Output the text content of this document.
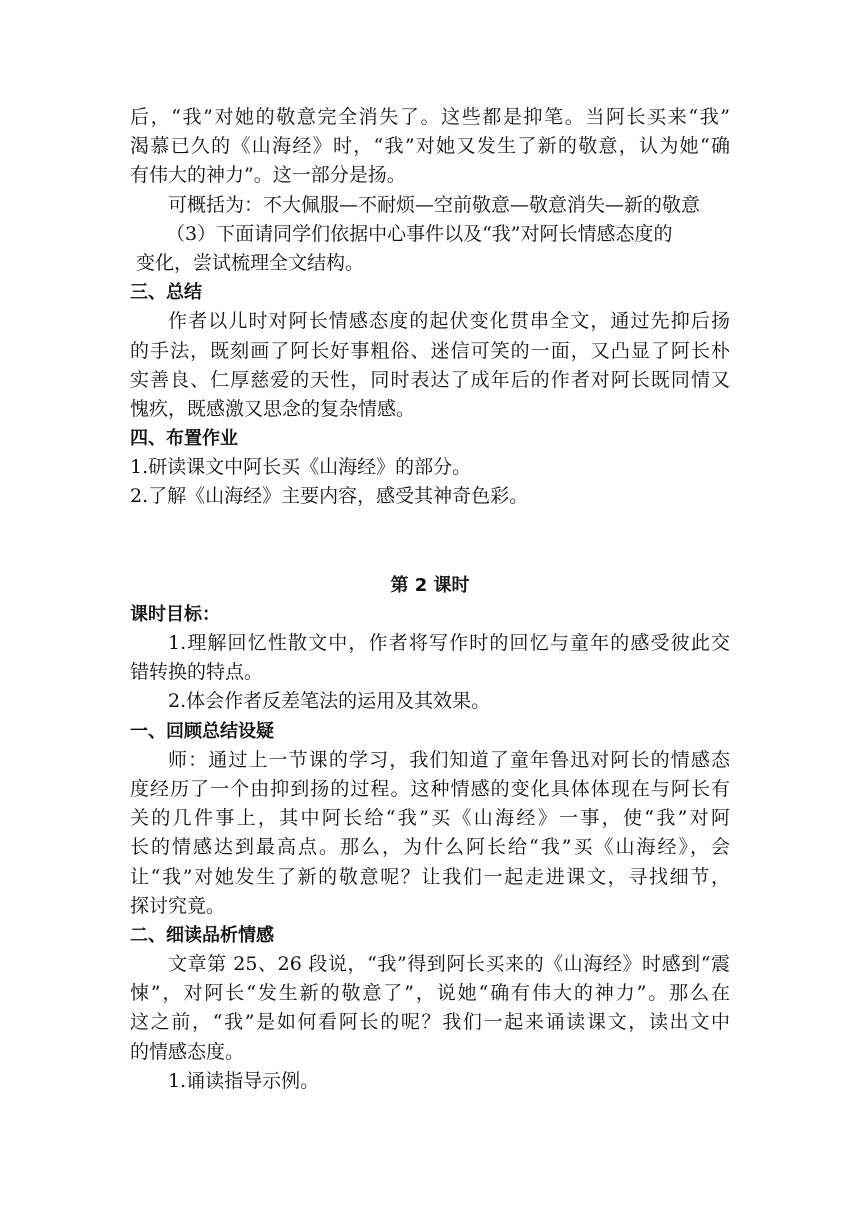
后，“我”对她的敬意完全消失了。这些都是抑笔。当阿长买来“我”
渴慕已久的《山海经》时，“我”对她又发生了新的敬意，认为她“确
有伟大的神力”。这一部分是扬。
可概括为：不大佩服—不耐烦—空前敬意—敬意消失—新的敬意
（3）下面请同学们依据中心事件以及“我”对阿长情感态度的
变化，尝试梳理全文结构。
三、总结
作者以儿时对阿长情感态度的起伏变化贯串全文，通过先抑后扬
的手法，既刻画了阿长好事粗俗、迷信可笑的一面，又凸显了阿长朴
实善良、仁厚慈爱的天性，同时表达了成年后的作者对阿长既同情又
愧疚，既感激又思念的复杂情感。
四、布置作业
1.研读课文中阿长买《山海经》的部分。
2.了解《山海经》主要内容，感受其神奇色彩。
第 2 课时
课时目标：
1.理解回忆性散文中，作者将写作时的回忆与童年的感受彼此交
错转换的特点。
2.体会作者反差笔法的运用及其效果。
一、回顾总结设疑
师：通过上一节课的学习，我们知道了童年鲁迅对阿长的情感态
度经历了一个由抑到扬的过程。这种情感的变化具体体现在与阿长有
关的几件事上，其中阿长给“我”买《山海经》一事，使“我”对阿
长的情感达到最高点。那么，为什么阿长给“我”买《山海经》，会
让“我”对她发生了新的敬意呢？让我们一起走进课文，寻找细节，
探讨究竟。
二、细读品析情感
文章第 25、26 段说，“我”得到阿长买来的《山海经》时感到“震
悚”，对阿长“发生新的敬意了”，说她“确有伟大的神力”。那么在
这之前，“我”是如何看阿长的呢？我们一起来诵读课文，读出文中
的情感态度。
1.诵读指导示例。
